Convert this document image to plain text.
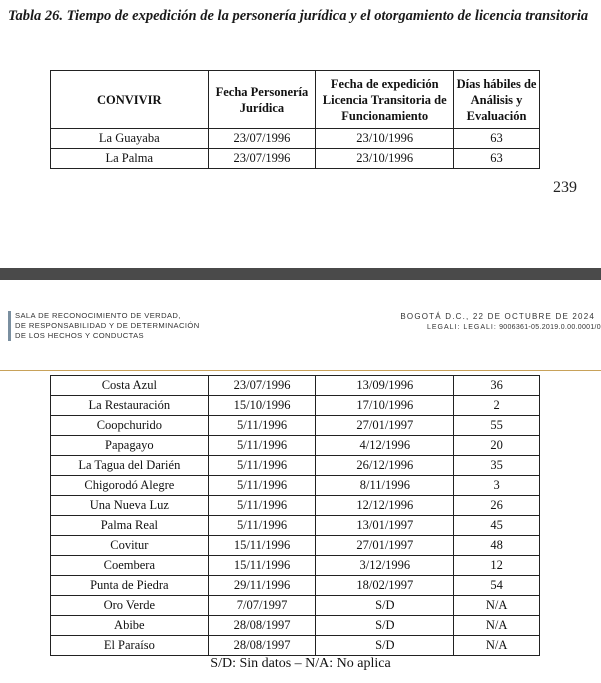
Tabla 26. Tiempo de expedición de la personería jurídica y el otorgamiento de licencia transitoria
CONVIVIR	Fecha Personería Jurídica	Fecha de expedición Licencia Transitoria de Funcionamiento	Días hábiles de Análisis y Evaluación
La Guayaba	23/07/1996	23/10/1996	63
La Palma	23/07/1996	23/10/1996	63
239
SALA DE RECONOCIMIENTO DE VERDAD,
DE RESPONSABILIDAD Y DE DETERMINACIÓN
DE LOS HECHOS Y CONDUCTAS
BOGOTÁ D.C., 22 DE OCTUBRE DE 2024
LEGALI: LEGALI: 9006361-05.2019.0.00.0001/0
Costa Azul	23/07/1996	13/09/1996	36
La Restauración	15/10/1996	17/10/1996	2
Coopchurido	5/11/1996	27/01/1997	55
Papagayo	5/11/1996	4/12/1996	20
La Tagua del Darién	5/11/1996	26/12/1996	35
Chigorodó Alegre	5/11/1996	8/11/1996	3
Una Nueva Luz	5/11/1996	12/12/1996	26
Palma Real	5/11/1996	13/01/1997	45
Covitur	15/11/1996	27/01/1997	48
Coembera	15/11/1996	3/12/1996	12
Punta de Piedra	29/11/1996	18/02/1997	54
Oro Verde	7/07/1997	S/D	N/A
Abibe	28/08/1997	S/D	N/A
El Paraíso	28/08/1997	S/D	N/A
S/D: Sin datos – N/A: No aplica
